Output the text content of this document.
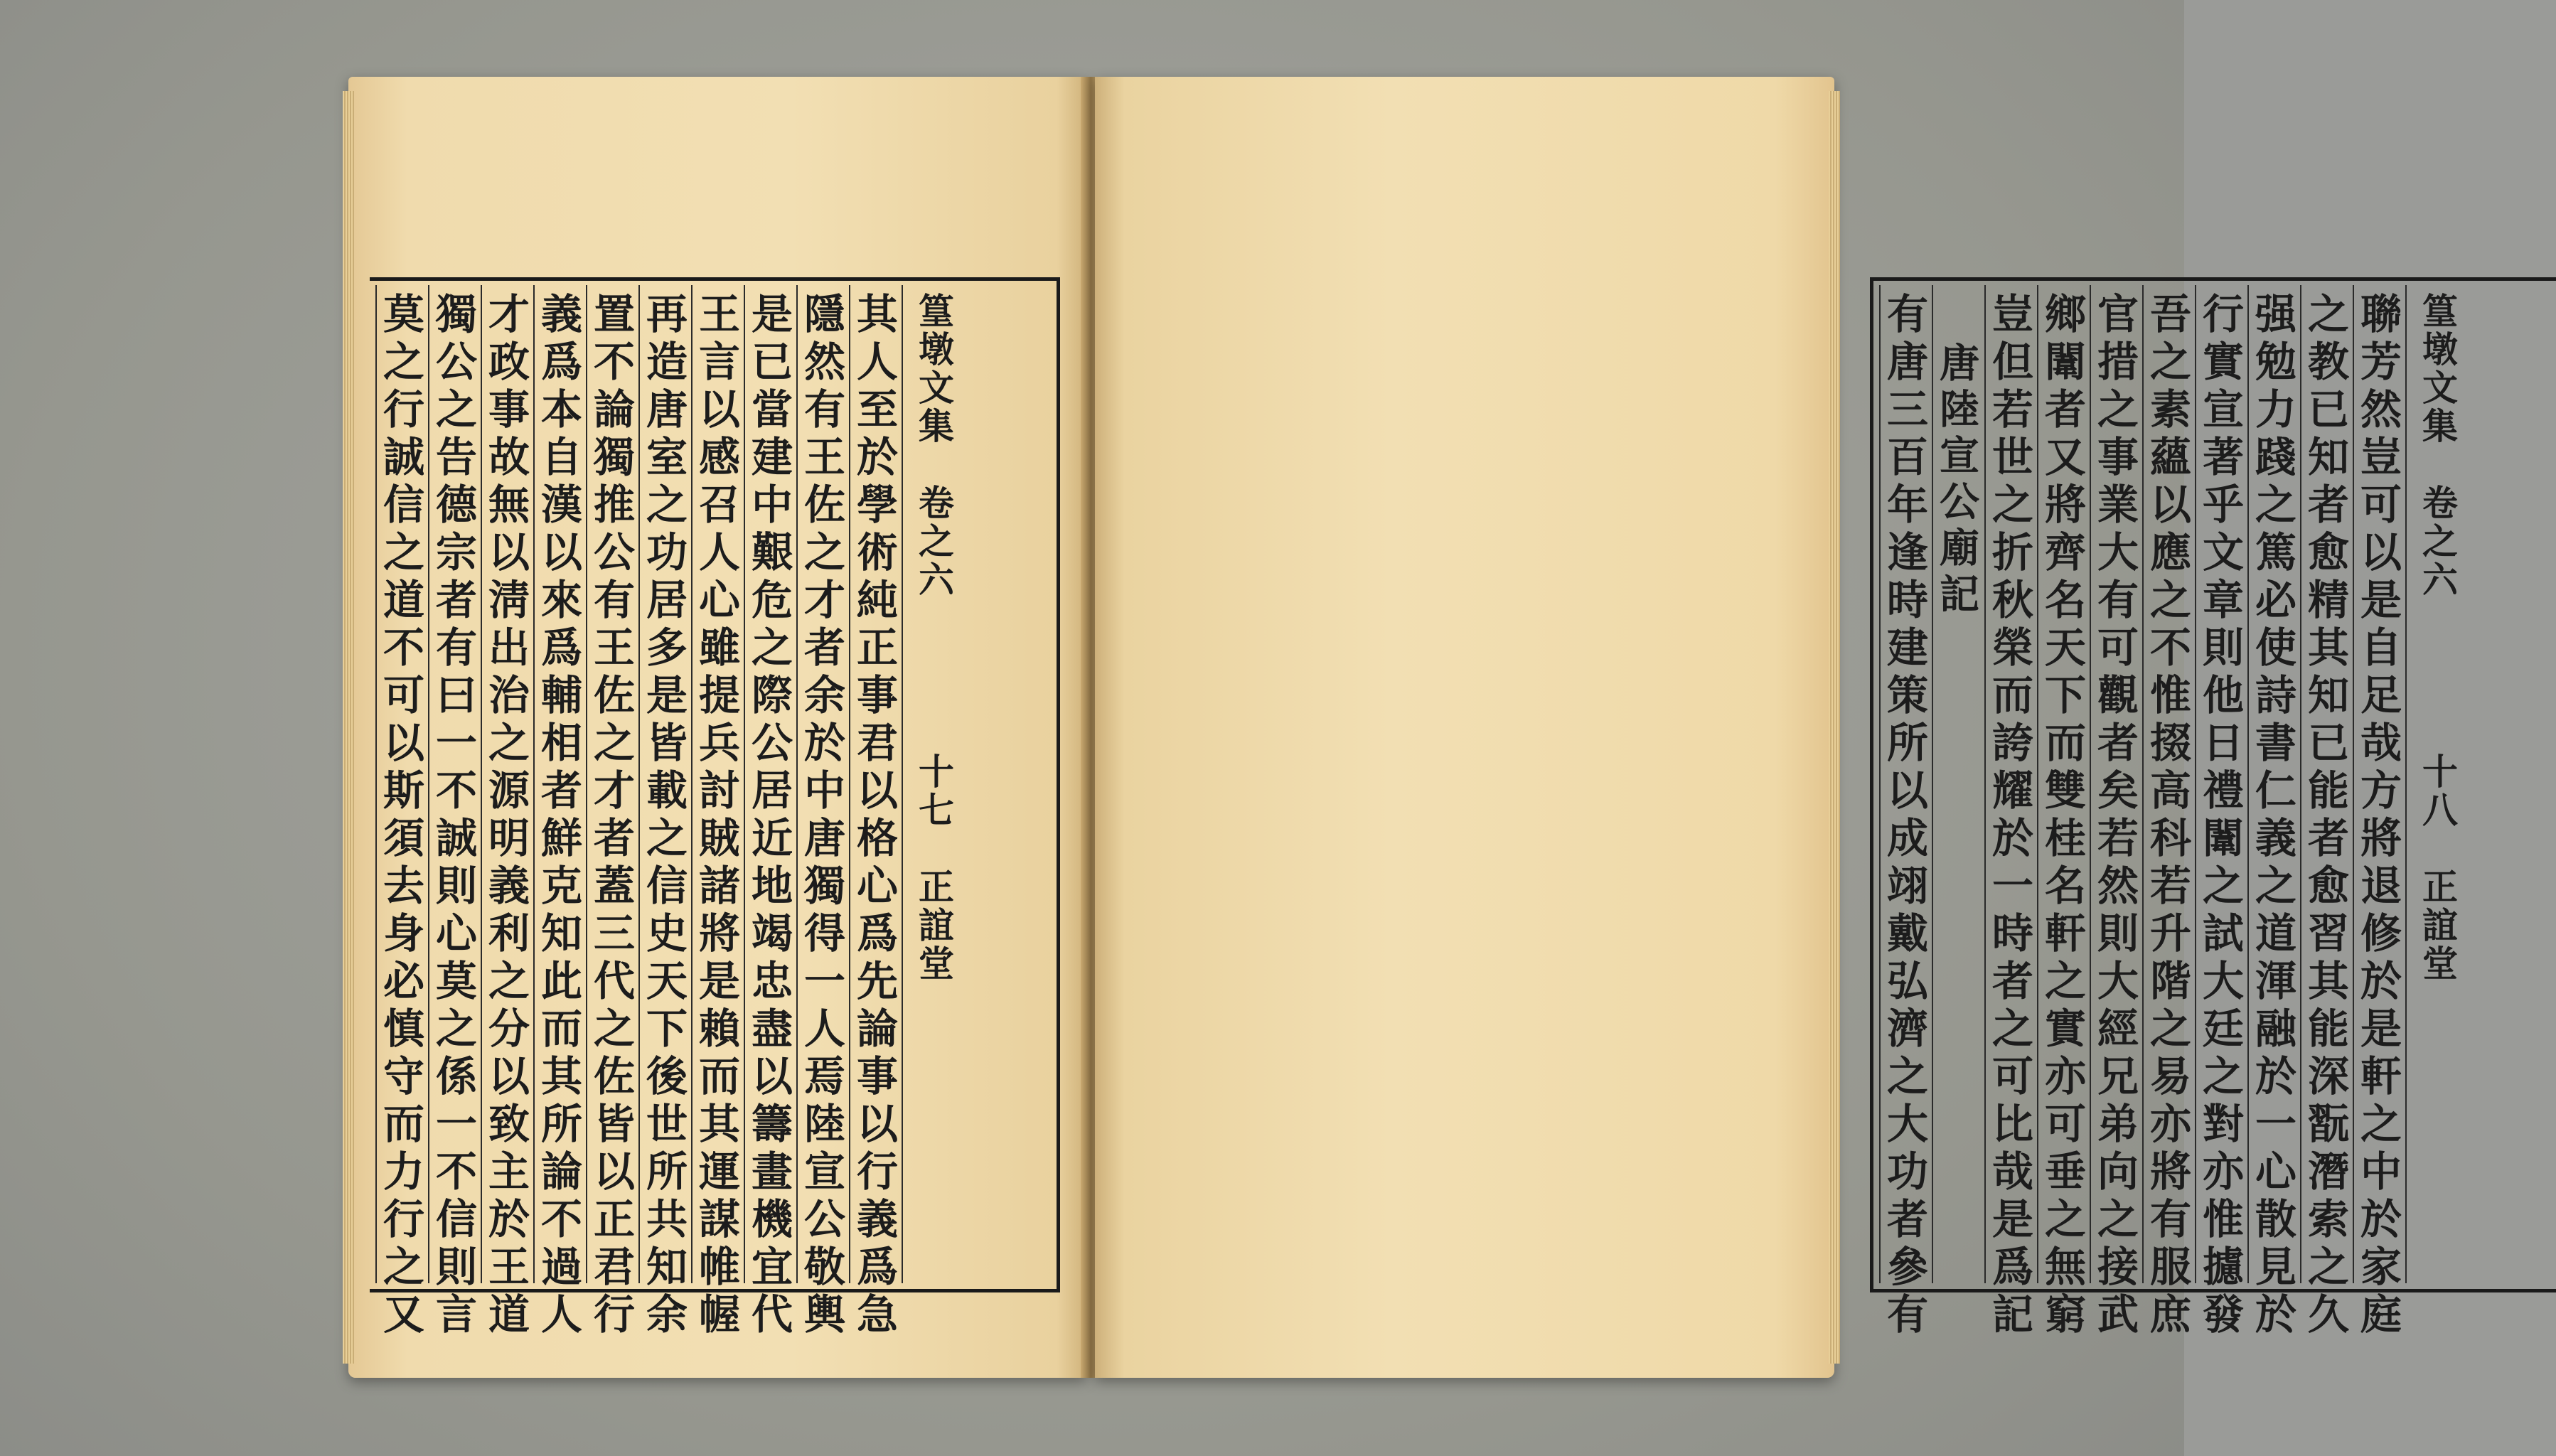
莫之行誠信之道不可以斯須去身必慎守而力行之又 獨公之告德宗者有曰一不誠則心莫之係一不信則言 才政事故無以淸出治之源明義利之分以致主於王道 義爲本自漢以來爲輔相者鮮克知此而其所論不過人 置不論獨推公有王佐之才者蓋三代之佐皆以正君行 再造唐室之功居多是皆載之信史天下後世所共知余 王言以感召人心雖提兵討賊諸將是賴而其運謀帷幄 是已當建中艱危之際公居近地竭忠盡以籌畫機宜代 隱然有王佐之才者余於中唐獨得一人焉陸宣公敬輿 其人至於學術純正事君以格心爲先論事以行義爲急 篁墩文集　卷之六　　　　十七　正誼堂	有唐三百年逢時建策所以成翊戴弘濟之大功者參有 唐陸宣公廟記 豈但若世之折秋榮而誇耀於一時者之可比哉是爲記 鄉闈者又將齊名天下而雙桂名軒之實亦可垂之無窮 官措之事業大有可觀者矣若然則大經兄弟向之接武 吾之素蘊以應之不惟掇高科若升階之易亦將有服庶 行實宣著乎文章則他日禮闈之試大廷之對亦惟攄發 强勉力踐之篤必使詩書仁義之道渾融於一心散見於 之教已知者愈精其知已能者愈習其能深翫潛索之久 聯芳然豈可以是自足哉方將退修於是軒之中於家庭 篁墩文集　卷之六　　　　十八　正誼堂
